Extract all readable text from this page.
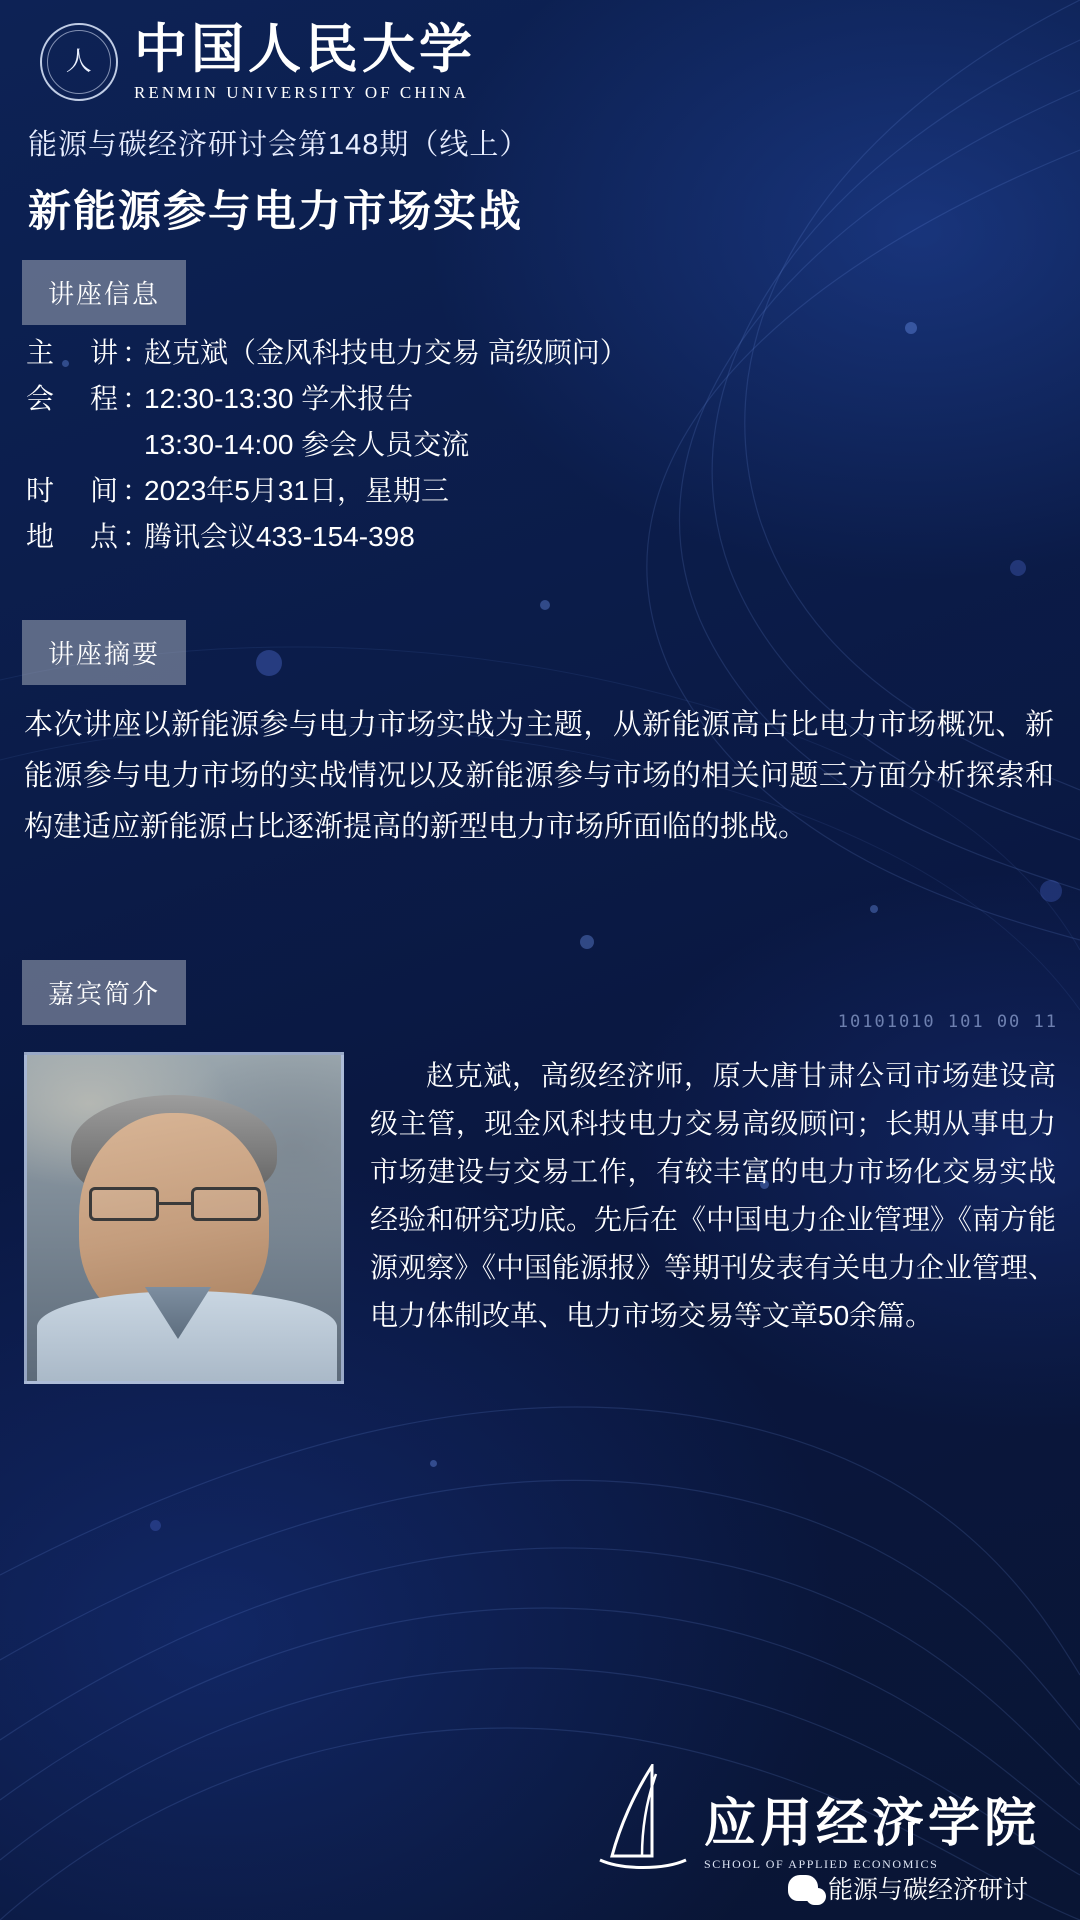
人 中国人民大学
RENMIN UNIVERSITY OF CHINA
能源与碳经济研讨会第148期（线上）
新能源参与电力市场实战
讲座信息
主　讲：
赵克斌（金风科技电力交易 高级顾问）
会　程：
12:30-13:30 学术报告
13:30-14:00 参会人员交流
时　间：
2023年5月31日，星期三
地　点：
腾讯会议433-154-398
讲座摘要
本次讲座以新能源参与电力市场实战为主题，从新能源高占比电力市场概况、新能源参与电力市场的实战情况以及新能源参与市场的相关问题三方面分析探索和构建适应新能源占比逐渐提高的新型电力市场所面临的挑战。
嘉宾简介
10101010 101 00 11
赵克斌，高级经济师，原大唐甘肃公司市场建设高级主管，现金风科技电力交易高级顾问；长期从事电力市场建设与交易工作，有较丰富的电力市场化交易实战经验和研究功底。先后在《中国电力企业管理》《南方能源观察》《中国能源报》等期刊发表有关电力企业管理、电力体制改革、电力市场交易等文章50余篇。
应用经济学院
SCHOOL OF APPLIED ECONOMICS
能源与碳经济研讨
